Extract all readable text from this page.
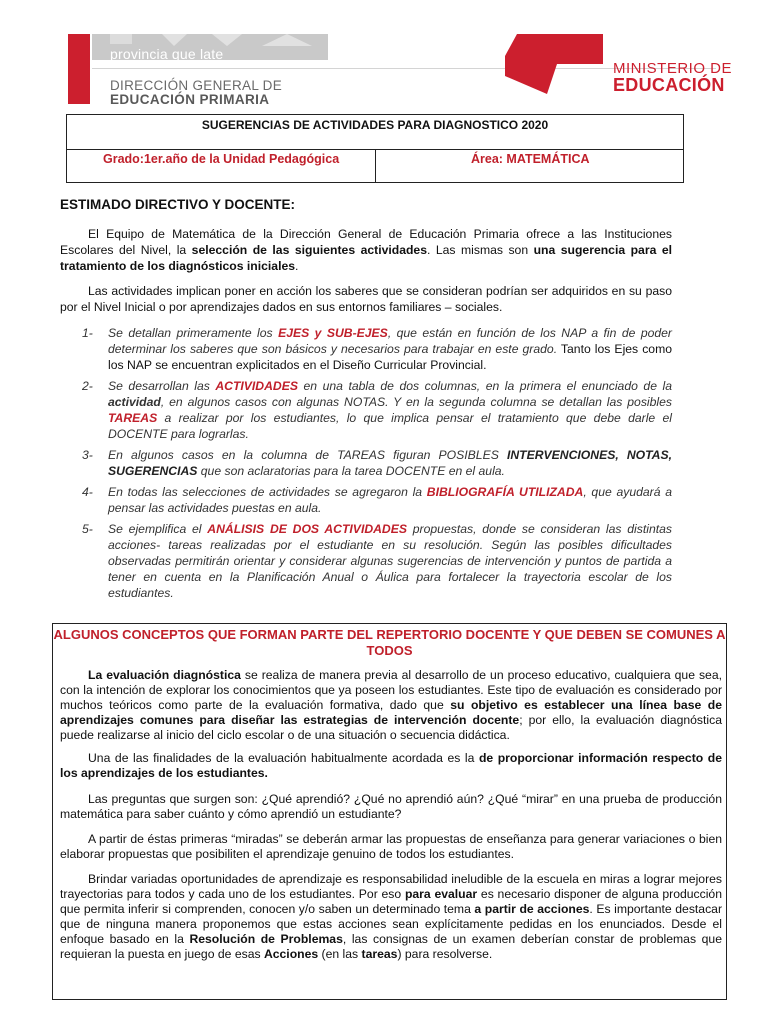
provincia que late
DIRECCIÓN GENERAL DE
EDUCACIÓN PRIMARIA
MINISTERIO DE
EDUCACIÓN
SUGERENCIAS DE ACTIVIDADES PARA DIAGNOSTICO 2020
Grado:1er.año de la Unidad Pedagógica	Área: MATEMÁTICA
ESTIMADO DIRECTIVO Y DOCENTE:

El Equipo de Matemática de la Dirección General de Educación Primaria ofrece a las Instituciones Escolares del Nivel, la selección de las siguientes actividades. Las mismas son una sugerencia para el tratamiento de los diagnósticos iniciales.

Las actividades implican poner en acción los saberes que se consideran podrían ser adquiridos en su paso por el Nivel Inicial o por aprendizajes dados en sus entornos familiares – sociales.

1- Se detallan primeramente los EJES y SUB-EJES, que están en función de los NAP a fin de poder determinar los saberes que son básicos y necesarios para trabajar en este grado. Tanto los Ejes como los NAP se encuentran explicitados en el Diseño Curricular Provincial.
2- Se desarrollan las ACTIVIDADES en una tabla de dos columnas, en la primera el enunciado de la actividad, en algunos casos con algunas NOTAS. Y en la segunda columna se detallan las posibles TAREAS a realizar por los estudiantes, lo que implica pensar el tratamiento que debe darle el DOCENTE para lograrlas.
3- En algunos casos en la columna de TAREAS figuran POSIBLES INTERVENCIONES, NOTAS, SUGERENCIAS que son aclaratorias para la tarea DOCENTE en el aula.
4- En todas las selecciones de actividades se agregaron la BIBLIOGRAFÍA UTILIZADA, que ayudará a pensar las actividades puestas en aula.
5- Se ejemplifica el ANÁLISIS DE DOS ACTIVIDADES propuestas, donde se consideran las distintas acciones- tareas realizadas por el estudiante en su resolución. Según las posibles dificultades observadas permitirán orientar y considerar algunas sugerencias de intervención y puntos de partida a tener en cuenta en la Planificación Anual o Áulica para fortalecer la trayectoria escolar de los estudiantes.
ALGUNOS CONCEPTOS QUE FORMAN PARTE DEL REPERTORIO DOCENTE Y QUE DEBEN SE COMUNES A TODOS

La evaluación diagnóstica se realiza de manera previa al desarrollo de un proceso educativo, cualquiera que sea, con la intención de explorar los conocimientos que ya poseen los estudiantes. Este tipo de evaluación es considerado por muchos teóricos como parte de la evaluación formativa, dado que su objetivo es establecer una línea base de aprendizajes comunes para diseñar las estrategias de intervención docente; por ello, la evaluación diagnóstica puede realizarse al inicio del ciclo escolar o de una situación o secuencia didáctica.

Una de las finalidades de la evaluación habitualmente acordada es la de proporcionar información respecto de los aprendizajes de los estudiantes.

Las preguntas que surgen son: ¿Qué aprendió? ¿Qué no aprendió aún? ¿Qué “mirar” en una prueba de producción matemática para saber cuánto y cómo aprendió un estudiante?

A partir de éstas primeras “miradas” se deberán armar las propuestas de enseñanza para generar variaciones o bien elaborar propuestas que posibiliten el aprendizaje genuino de todos los estudiantes.

Brindar variadas oportunidades de aprendizaje es responsabilidad ineludible de la escuela en miras a lograr mejores trayectorias para todos y cada uno de los estudiantes. Por eso para evaluar es necesario disponer de alguna producción que permita inferir si comprenden, conocen y/o saben un determinado tema a partir de acciones. Es importante destacar que de ninguna manera proponemos que estas acciones sean explícitamente pedidas en los enunciados. Desde el enfoque basado en la Resolución de Problemas, las consignas de un examen deberían constar de problemas que requieran la puesta en juego de esas Acciones (en las tareas) para resolverse.
